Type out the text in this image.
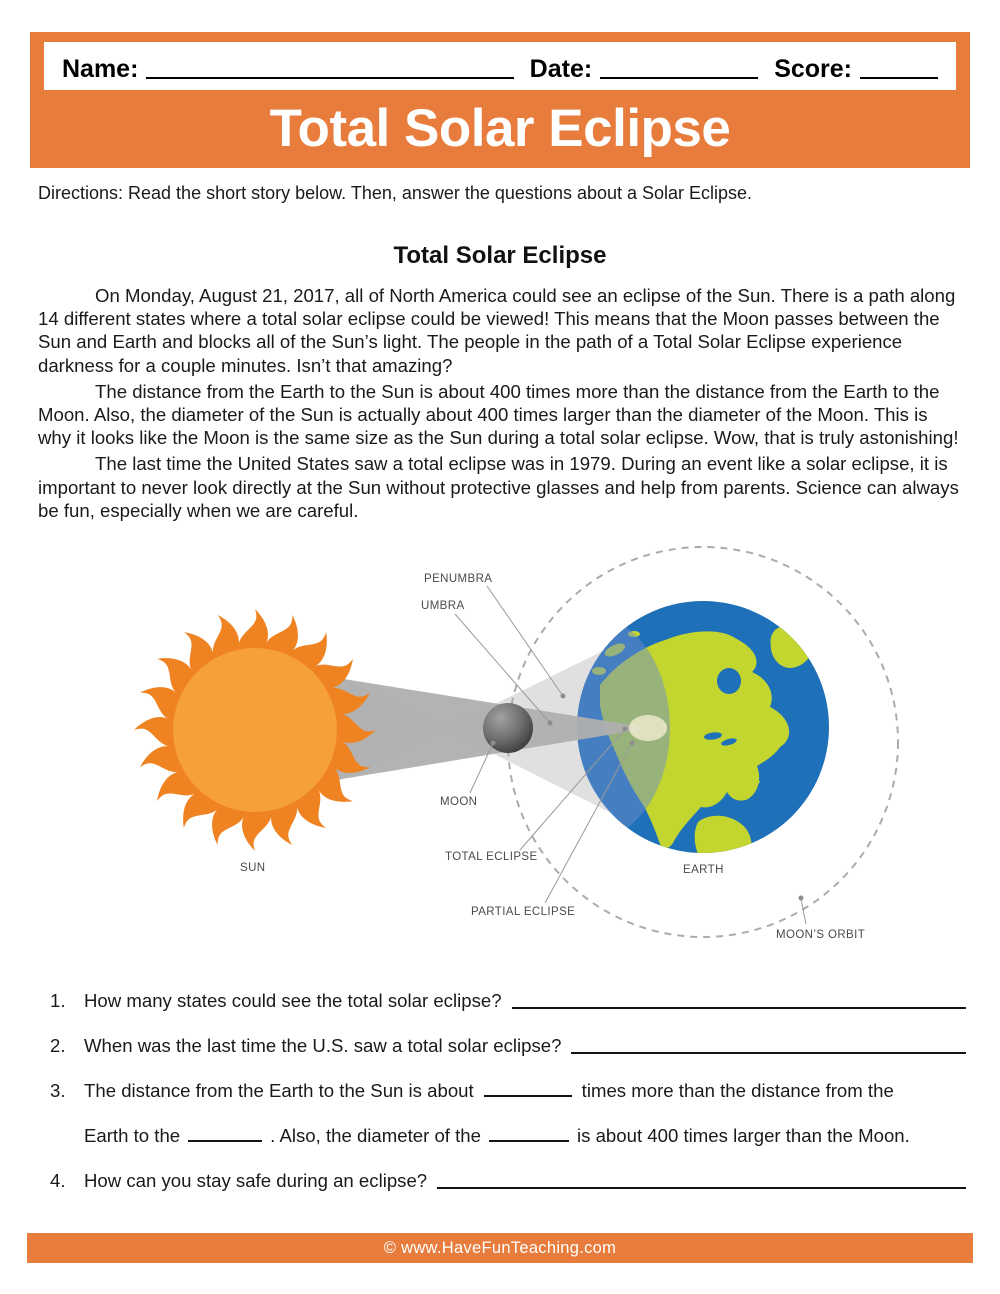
Name:	Date:	Score:
Total Solar Eclipse
Directions: Read the short story below. Then, answer the questions about a Solar Eclipse.
Total Solar Eclipse

On Monday, August 21, 2017, all of North America could see an eclipse of the Sun. There is a path along 14 different states where a total solar eclipse could be viewed! This means that the Moon passes between the Sun and Earth and blocks all of the Sun’s light. The people in the path of a Total Solar Eclipse experience darkness for a couple minutes. Isn’t that amazing?

The distance from the Earth to the Sun is about 400 times more than the distance from the Earth to the Moon. Also, the diameter of the Sun is actually about 400 times larger than the diameter of the Moon. This is why it looks like the Moon is the same size as the Sun during a total solar eclipse. Wow, that is truly astonishing!

The last time the United States saw a total eclipse was in 1979. During an event like a solar eclipse, it is important to never look directly at the Sun without protective glasses and help from parents. Science can always be fun, especially when we are careful.

PENUMBRA
UMBRA
MOON
SUN
TOTAL ECLIPSE
PARTIAL ECLIPSE
EARTH
MOON’S ORBIT
1. How many states could see the total solar eclipse?
2. When was the last time the U.S. saw a total solar eclipse?
3. The distance from the Earth to the Sun is about	times more than the distance from the
Earth to the	. Also, the diameter of the	is about 400 times larger than the Moon.
4. How can you stay safe during an eclipse?
© www.HaveFunTeaching.com
